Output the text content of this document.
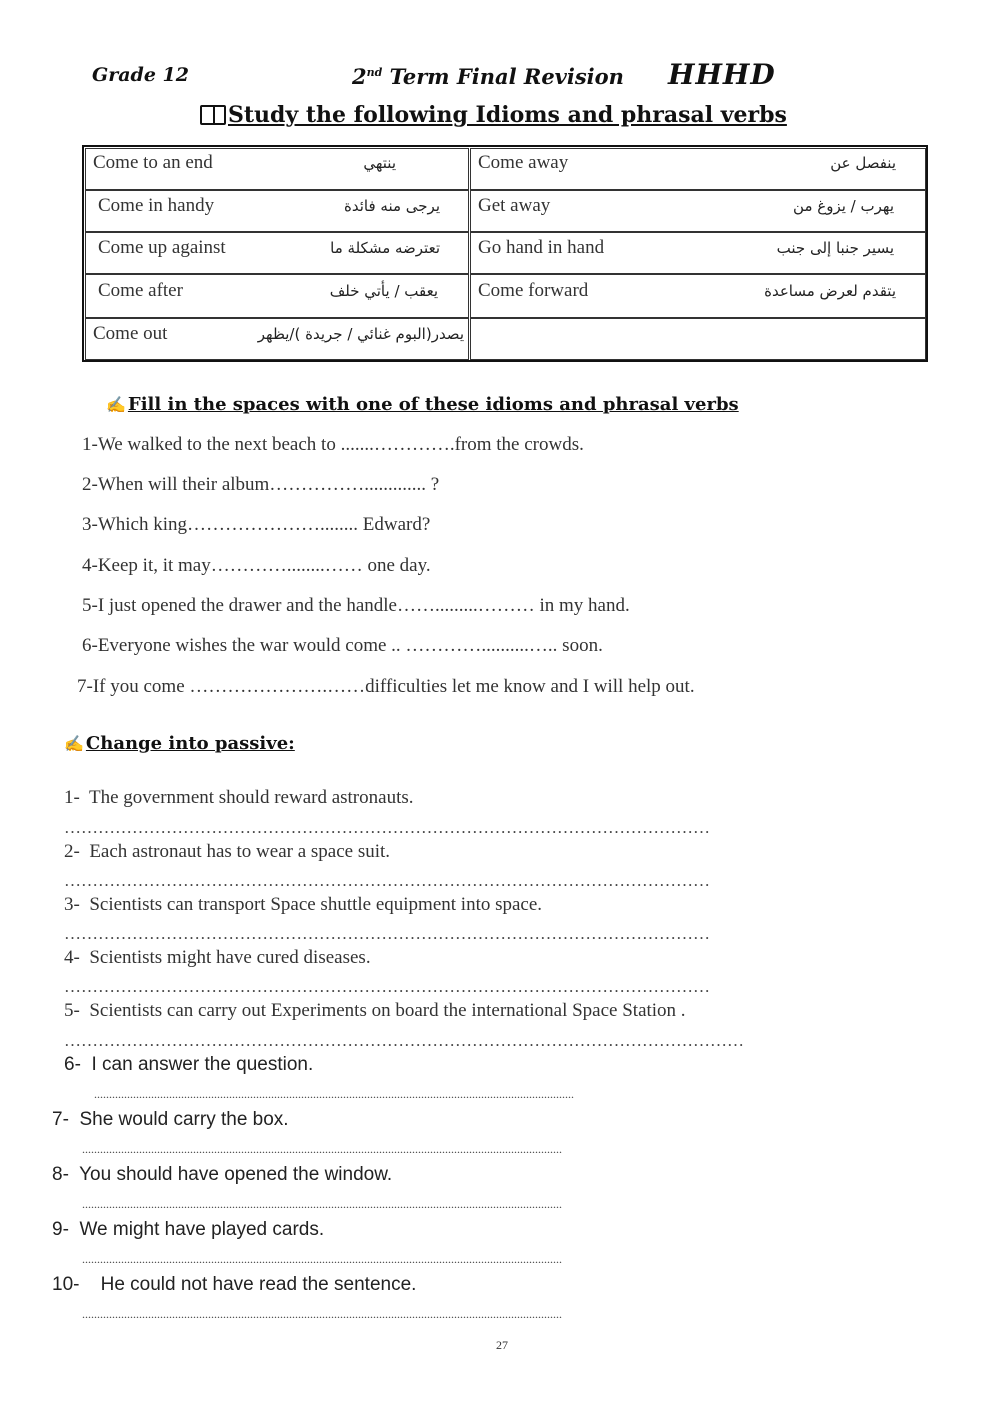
Grade 12	2nd Term Final Revision HHHD
Study the following Idioms and phrasal verbs
Come to an end	ينتهي	Come away	ينفصل عن
Come in handy	يرجى منه فائدة Get away	يهرب / يزوغ من
Come up against	تعترضه مشكلة ما Go hand in hand	يسير جنبا إلى جنب
Come after	يعقب / يأتي خلف Come forward	يتقدم لعرض مساعدة
Come out	يصدر(البوم غنائي / جريدة )/يظهر
✍ Fill in the spaces with one of these idioms and phrasal verbs
1-We walked to the next beach to .......………….from the crowds.
2-When will their album……………............. ?
3-Which king…………………........ Edward?
4-Keep it, it may…………........…… one day.
5-I just opened the drawer and the handle…….........……… in my hand.
6-Everyone wishes the war would come .. …………..........….. soon.
7-If you come ………………….……difficulties let me know and I will help out.
✍ Change into passive:
1- The government should reward astronauts.
……………………………………………………………………………………………………
2- Each astronaut has to wear a space suit.
……………………………………………………………………………………………………
3- Scientists can transport Space shuttle equipment into space.
……………………………………………………………………………………………………
4- Scientists might have cured diseases.
……………………………………………………………………………………………………
5- Scientists can carry out Experiments on board the international Space Station .
…………………………………………………………………………………………………………
6- I can answer the question.
................................................................................................................................................................
7- She would carry the box.
................................................................................................................................................................
8- You should have opened the window.
................................................................................................................................................................
9- We might have played cards.
................................................................................................................................................................
10- He could not have read the sentence.
................................................................................................................................................................
27
